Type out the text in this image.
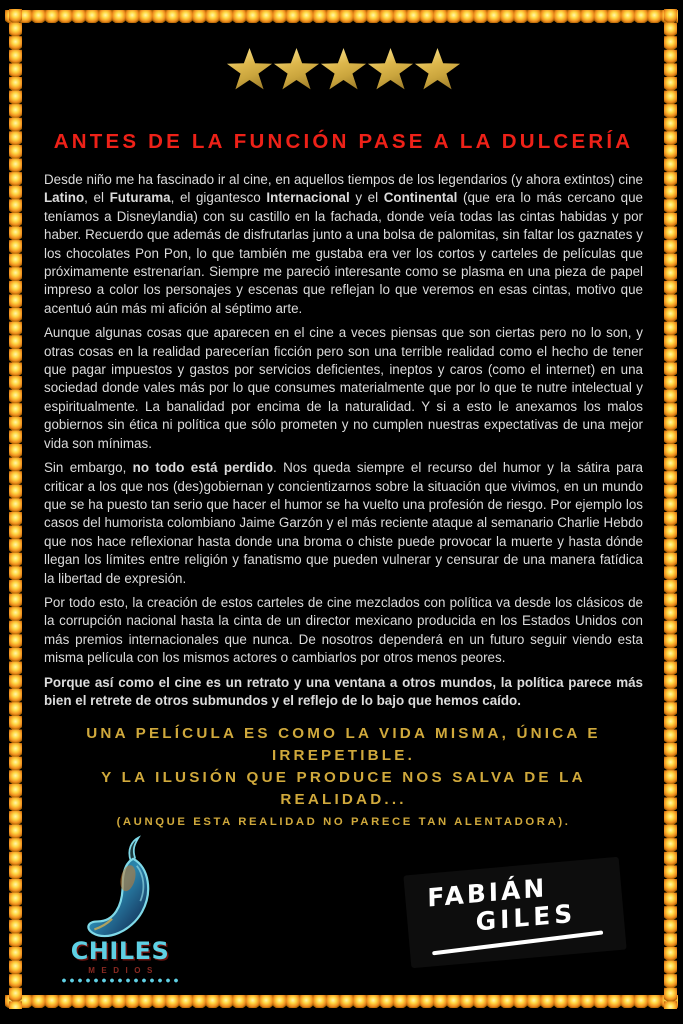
ANTES DE LA FUNCIÓN PASE A LA DULCERÍA

Desde niño me ha fascinado ir al cine, en aquellos tiempos de los legendarios (y ahora extintos) cine Latino, el Futurama, el gigantesco Internacional y el Continental (que era lo más cercano que teníamos a Disneylandia) con su castillo en la fachada, donde veía todas las cintas habidas y por haber. Recuerdo que además de disfrutarlas junto a una bolsa de palomitas, sin faltar los gaznates y los chocolates Pon Pon, lo que también me gustaba era ver los cortos y carteles de películas que próximamente estrenarían. Siempre me pareció interesante como se plasma en una pieza de papel impreso a color los personajes y escenas que reflejan lo que veremos en esas cintas, motivo que acentuó aún más mi afición al séptimo arte.

Aunque algunas cosas que aparecen en el cine a veces piensas que son ciertas pero no lo son, y otras cosas en la realidad parecerían ficción pero son una terrible realidad como el hecho de tener que pagar impuestos y gastos por servicios deficientes, ineptos y caros (como el internet) en una sociedad donde vales más por lo que consumes materialmente que por lo que te nutre intelectual y espiritualmente. La banalidad por encima de la naturalidad. Y si a esto le anexamos los malos gobiernos sin ética ni política que sólo prometen y no cumplen nuestras expectativas de una mejor vida son mínimas.

Sin embargo, no todo está perdido. Nos queda siempre el recurso del humor y la sátira para criticar a los que nos (des)gobiernan y concientizarnos sobre la situación que vivimos, en un mundo que se ha puesto tan serio que hacer el humor se ha vuelto una profesión de riesgo. Por ejemplo los casos del humorista colombiano Jaime Garzón y el más reciente ataque al semanario Charlie Hebdo que nos hace reflexionar hasta donde una broma o chiste puede provocar la muerte y hasta dónde llegan los límites entre religión y fanatismo que pueden vulnerar y censurar de una manera fatídica la libertad de expresión.

Por todo esto, la creación de estos carteles de cine mezclados con política va desde los clásicos de la corrupción nacional hasta la cinta de un director mexicano producida en los Estados Unidos con más premios internacionales que nunca. De nosotros dependerá en un futuro seguir viendo esta misma película con los mismos actores o cambiarlos por otros menos peores.

Porque así como el cine es un retrato y una ventana a otros mundos, la política parece más bien el retrete de otros submundos y el reflejo de lo bajo que hemos caído.

UNA PELÍCULA ES COMO LA VIDA MISMA, ÚNICA E IRREPETIBLE.
Y LA ILUSIÓN QUE PRODUCE NOS SALVA DE LA REALIDAD...
(AUNQUE ESTA REALIDAD NO PARECE TAN ALENTADORA).
CHILES
MEDIOS
FABIÁN
GILES
